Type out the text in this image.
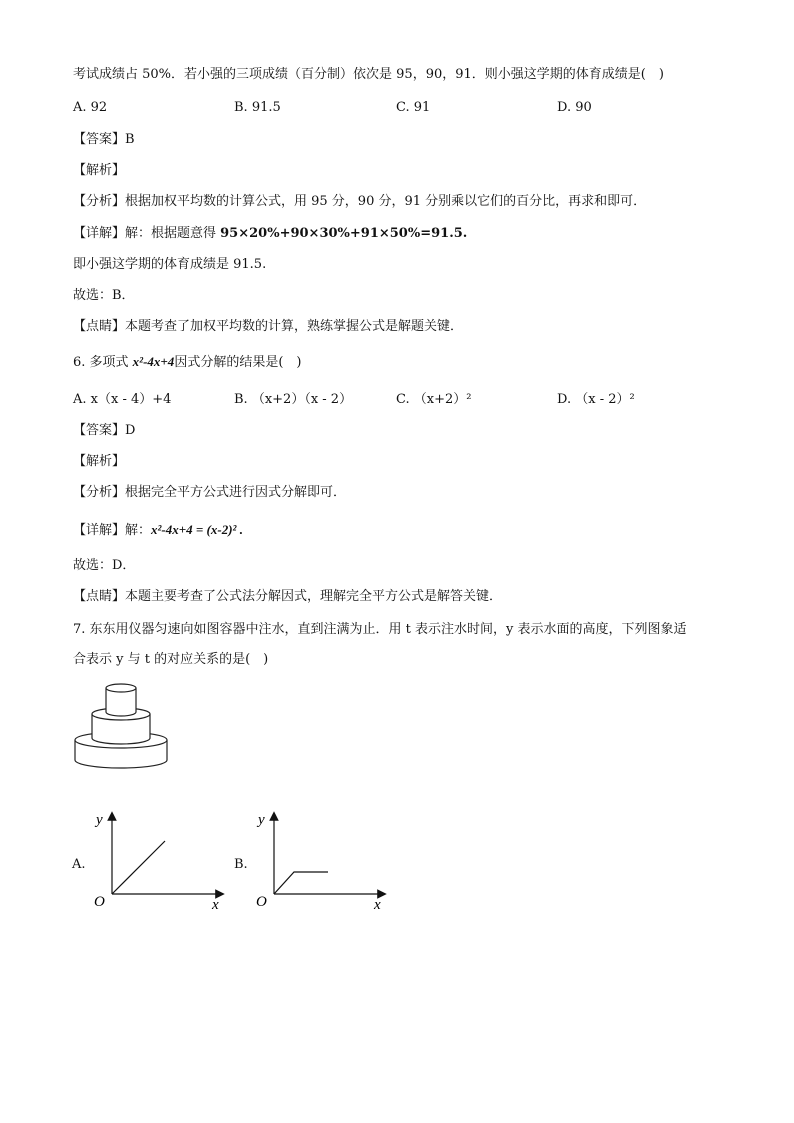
考试成绩占 50%．若小强的三项成绩（百分制）依次是 95，90，91．则小强这学期的体育成绩是(　)
A. 92	B. 91.5	C. 91	D. 90
【答案】B
【解析】
【分析】根据加权平均数的计算公式，用 95 分，90 分，91 分别乘以它们的百分比，再求和即可．
【详解】解：根据题意得 95×20%+90×30%+91×50%=91.5.
即小强这学期的体育成绩是 91.5.
故选：B．
【点睛】本题考查了加权平均数的计算，熟练掌握公式是解题关键．
6. 多项式 x²-4x+4因式分解的结果是(　)
A. x（x - 4）+4	B. （x+2）（x - 2）	C. （x+2）²	D. （x - 2）²
【答案】D
【解析】
【分析】根据完全平方公式进行因式分解即可．
【详解】解：x²-4x+4 = (x-2)² .
故选：D．
【点睛】本题主要考查了公式法分解因式，理解完全平方公式是解答关键．
7. 东东用仪器匀速向如图容器中注水，直到注满为止．用 t 表示注水时间，y 表示水面的高度，下列图象适
合表示 y 与 t 的对应关系的是(　)
A.
y
O	x
B.
y
O	x
